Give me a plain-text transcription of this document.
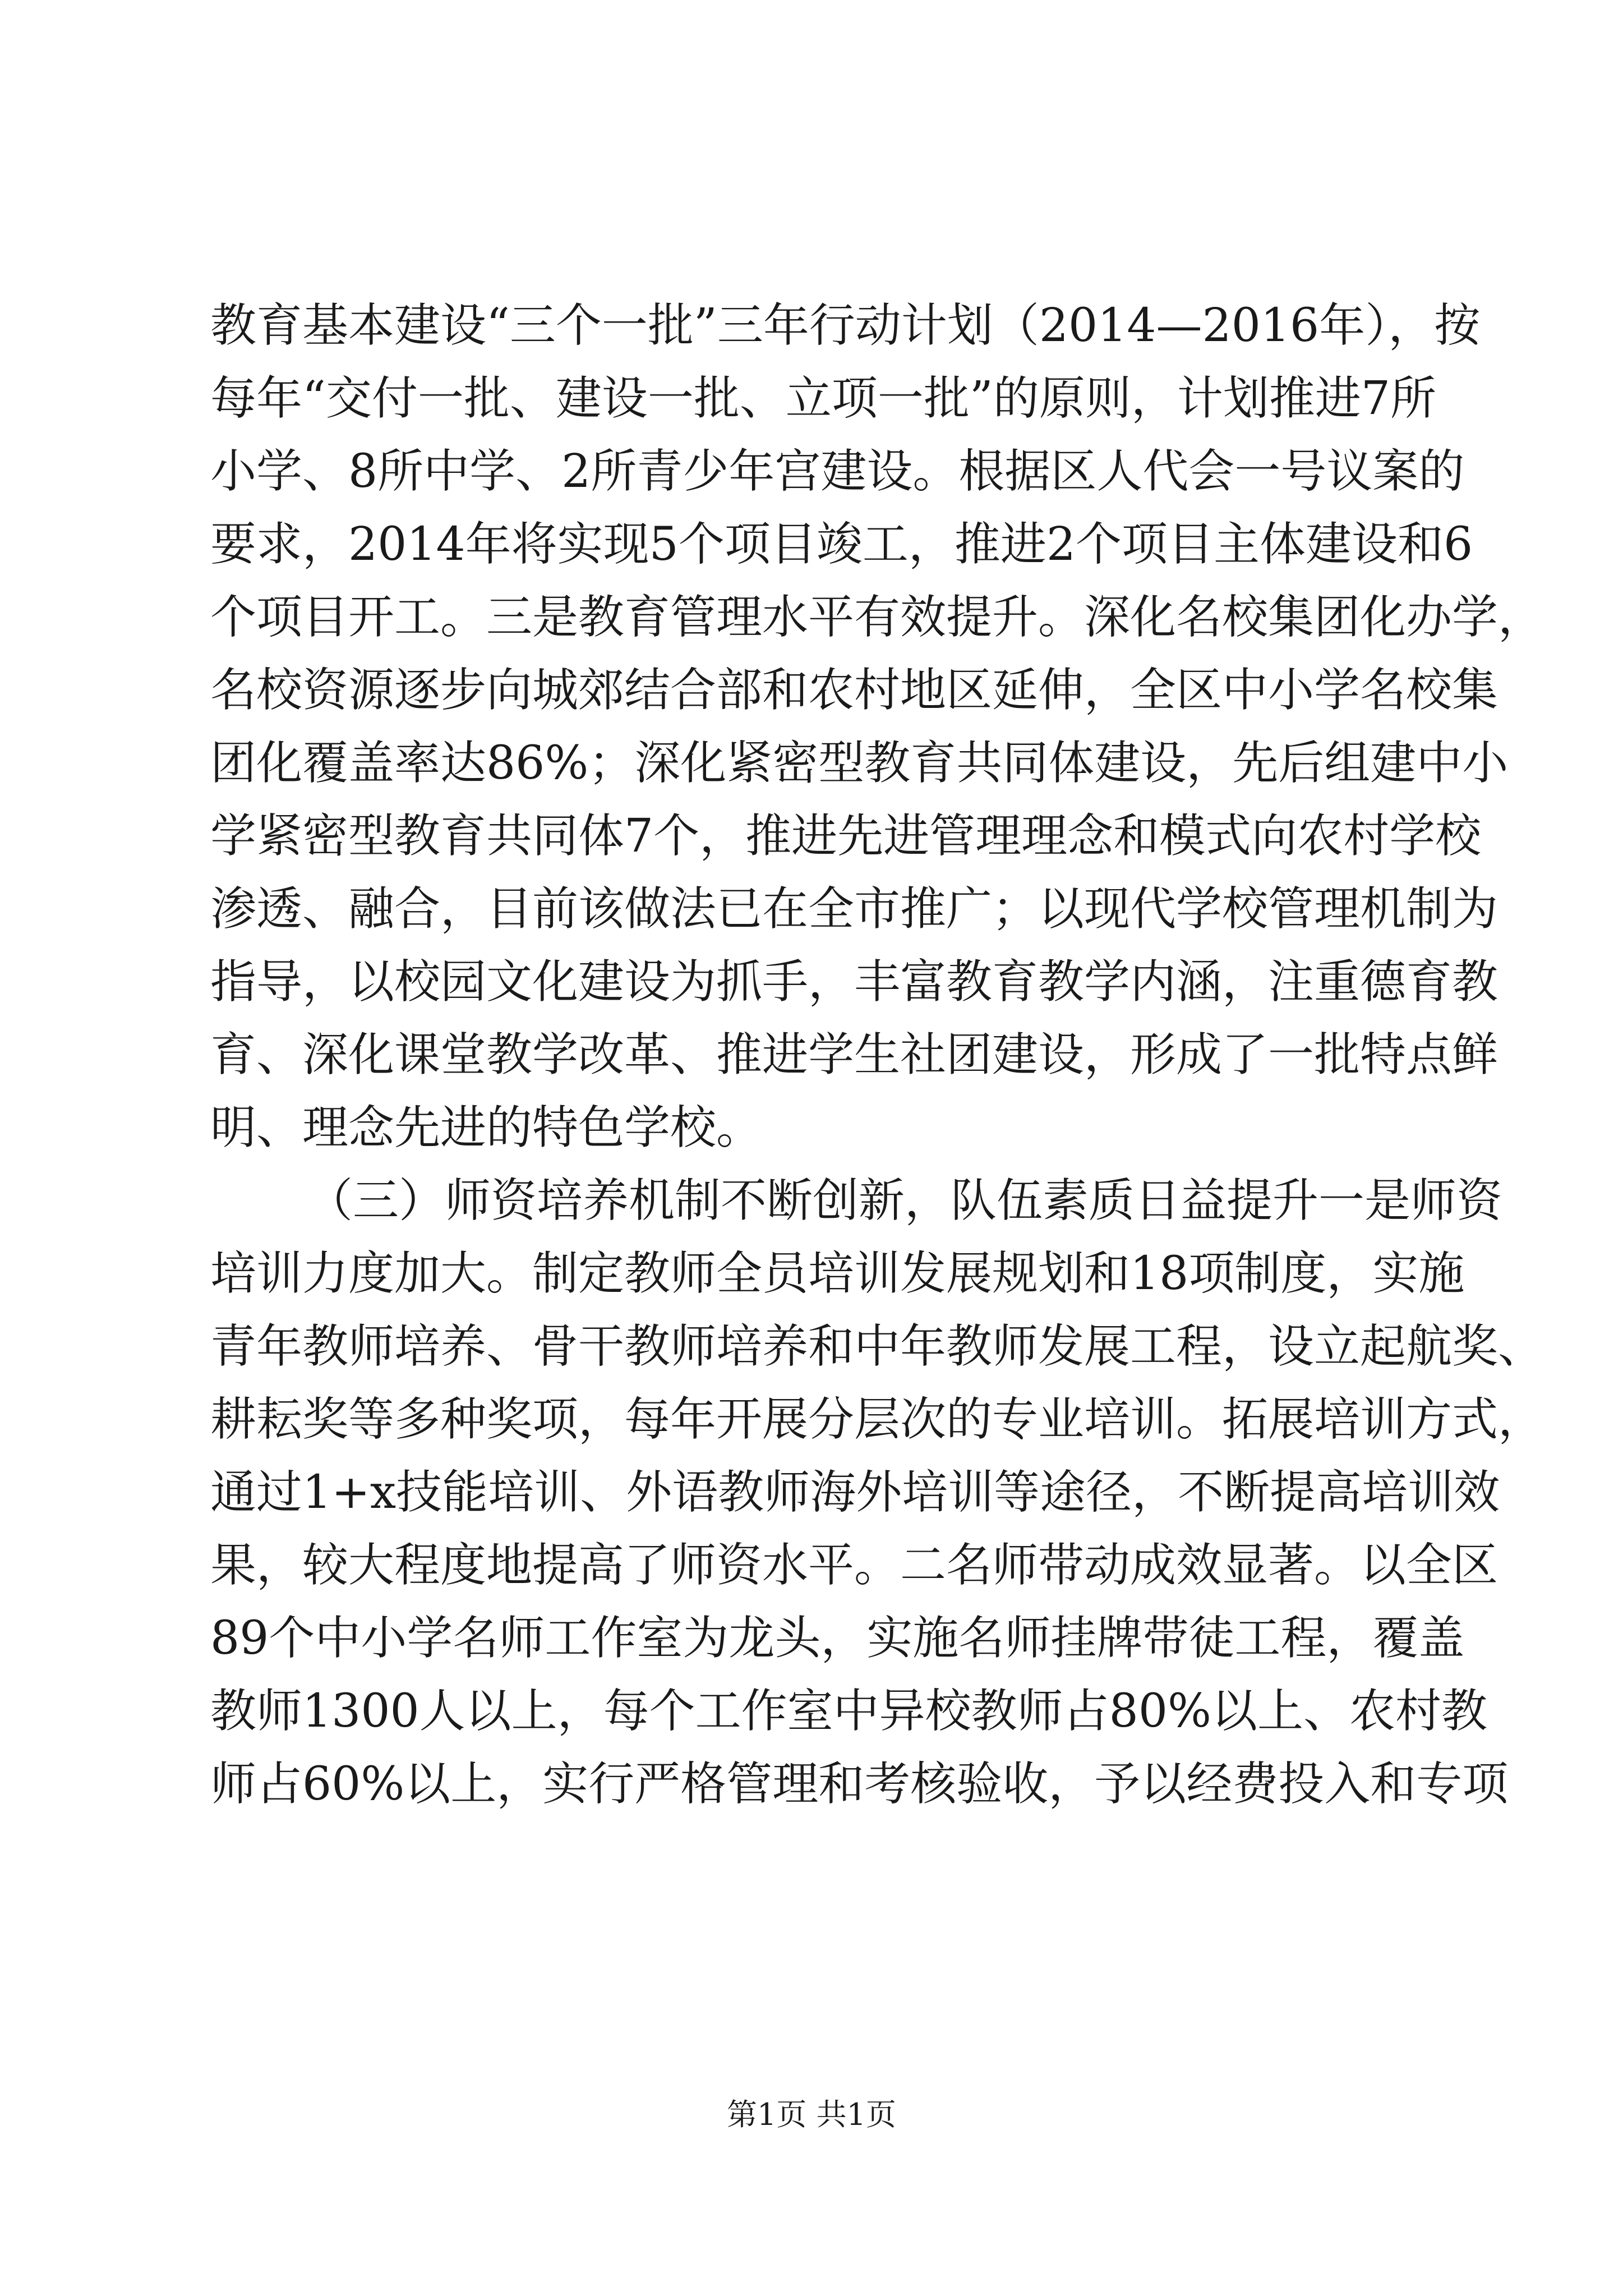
教育基本建设“三个一批”三年行动计划（2014—2016年），按
每年“交付一批、建设一批、立项一批”的原则，计划推进7所
小学、8所中学、2所青少年宫建设。根据区人代会一号议案的
要求，2014年将实现5个项目竣工，推进2个项目主体建设和6
个项目开工。三是教育管理水平有效提升。深化名校集团化办学，
名校资源逐步向城郊结合部和农村地区延伸，全区中小学名校集
团化覆盖率达86%；深化紧密型教育共同体建设，先后组建中小
学紧密型教育共同体7个，推进先进管理理念和模式向农村学校
渗透、融合，目前该做法已在全市推广；以现代学校管理机制为
指导，以校园文化建设为抓手，丰富教育教学内涵，注重德育教
育、深化课堂教学改革、推进学生社团建设，形成了一批特点鲜
明、理念先进的特色学校。
（三）师资培养机制不断创新，队伍素质日益提升一是师资
培训力度加大。制定教师全员培训发展规划和18项制度，实施
青年教师培养、骨干教师培养和中年教师发展工程，设立起航奖、
耕耘奖等多种奖项，每年开展分层次的专业培训。拓展培训方式，
通过1+x技能培训、外语教师海外培训等途径，不断提高培训效
果，较大程度地提高了师资水平。二名师带动成效显著。以全区
89个中小学名师工作室为龙头，实施名师挂牌带徒工程，覆盖
教师1300人以上，每个工作室中异校教师占80%以上、农村教
师占60%以上，实行严格管理和考核验收，予以经费投入和专项
第1页 共1页
